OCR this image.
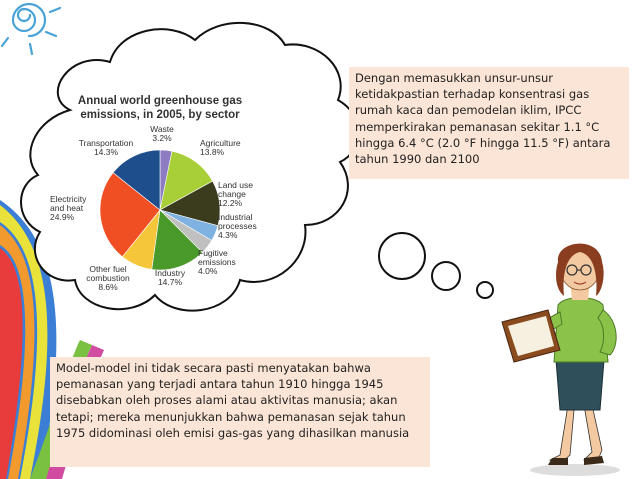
Annual world greenhouse gas
emissions, in 2005, by sector
Waste 3.2%	Agriculture 13.8%
Land use change 12.2%
Industrial processes 4.3%
Fugitive emissions 4.0%
Industry 14.7%
Other fuel combustion 8.6%
Electricity and heat 24.9%
Transportation 14.3%
Dengan memasukkan unsur-unsur ketidakpastian terhadap konsentrasi gas rumah kaca dan pemodelan iklim, IPCC memperkirakan pemanasan sekitar 1.1 °C hingga 6.4 °C (2.0 °F hingga 11.5 °F) antara tahun 1990 dan 2100
Model-model ini tidak secara pasti menyatakan bahwa pemanasan yang terjadi antara tahun 1910 hingga 1945 disebabkan oleh proses alami atau aktivitas manusia; akan tetapi; mereka menunjukkan bahwa pemanasan sejak tahun 1975 didominasi oleh emisi gas-gas yang dihasilkan manusia
